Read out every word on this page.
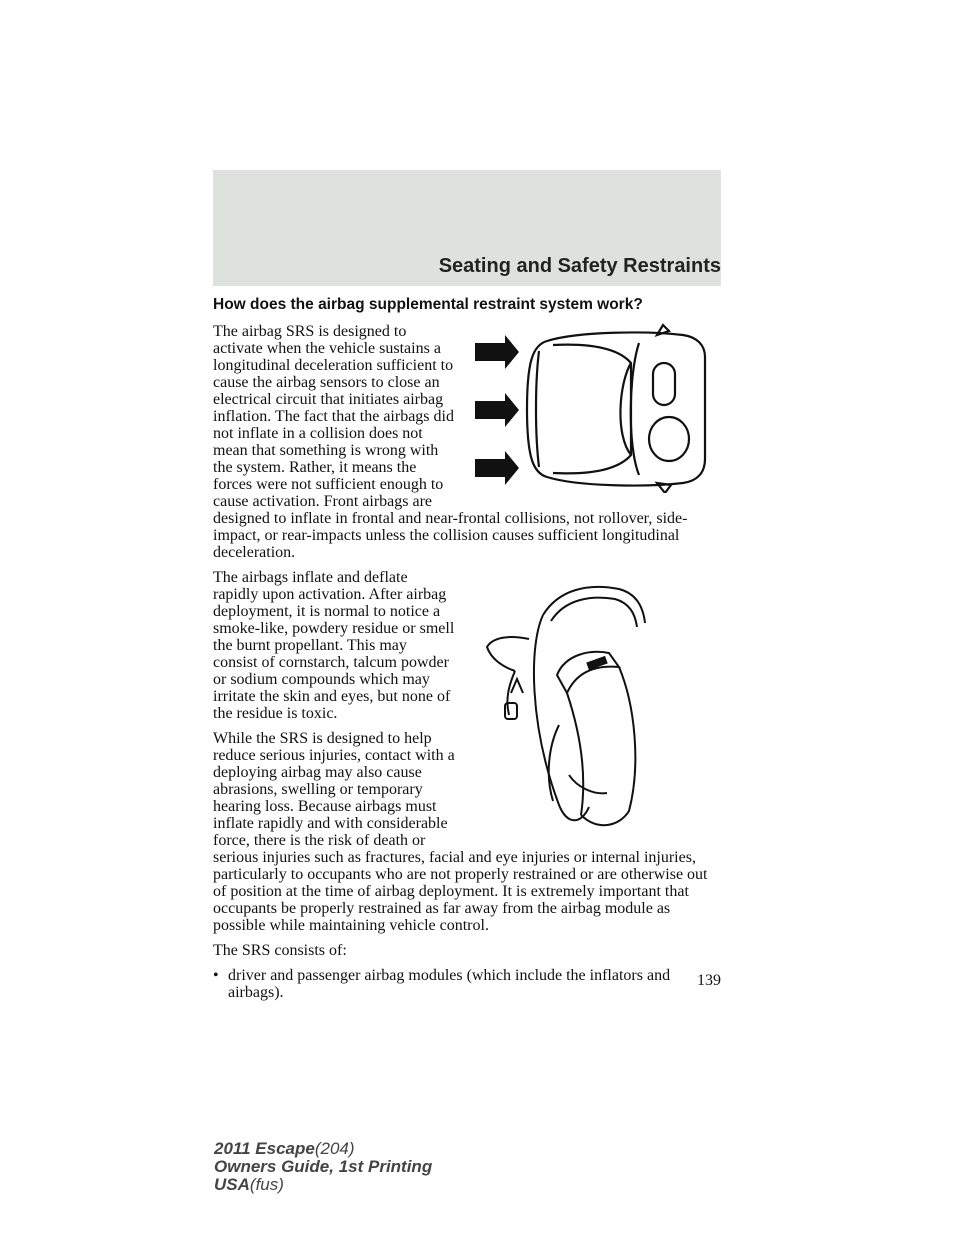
Seating and Safety Restraints
How does the airbag supplemental restraint system work?

The airbag SRS is designed to activate when the vehicle sustains a longitudinal deceleration sufficient to cause the airbag sensors to close an electrical circuit that initiates airbag inflation. The fact that the airbags did not inflate in a collision does not mean that something is wrong with the system. Rather, it means the forces were not sufficient enough to cause activation. Front airbags are designed to inflate in frontal and near-frontal collisions, not rollover, side-impact, or rear-impacts unless the collision causes sufficient longitudinal deceleration.

The airbags inflate and deflate rapidly upon activation. After airbag deployment, it is normal to notice a smoke-like, powdery residue or smell the burnt propellant. This may consist of cornstarch, talcum powder or sodium compounds which may irritate the skin and eyes, but none of the residue is toxic.

While the SRS is designed to help reduce serious injuries, contact with a deploying airbag may also cause abrasions, swelling or temporary hearing loss. Because airbags must inflate rapidly and with considerable force, there is the risk of death or serious injuries such as fractures, facial and eye injuries or internal injuries, particularly to occupants who are not properly restrained or are otherwise out of position at the time of airbag deployment. It is extremely important that occupants be properly restrained as far away from the airbag module as possible while maintaining vehicle control.

The SRS consists of:

• driver and passenger airbag modules (which include the inflators and airbags).
139
2011 Escape(204)
Owners Guide, 1st Printing
USA(fus)
